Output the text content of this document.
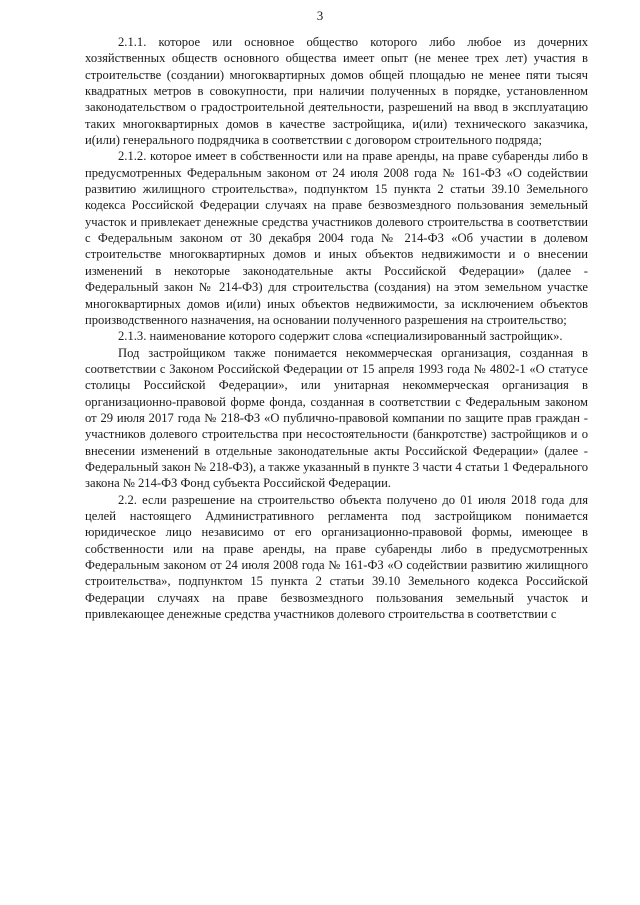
3

2.1.1. которое или основное общество которого либо любое из дочерних хозяйственных обществ основного общества имеет опыт (не менее трех лет) участия в строительстве (создании) многоквартирных домов общей площадью не менее пяти тысяч квадратных метров в совокупности, при наличии полученных в порядке, установленном законодательством о градостроительной деятельности, разрешений на ввод в эксплуатацию таких многоквартирных домов в качестве застройщика, и(или) технического заказчика, и(или) генерального подрядчика в соответствии с договором строительного подряда;

2.1.2. которое имеет в собственности или на праве аренды, на праве субаренды либо в предусмотренных Федеральным законом от 24 июля 2008 года № 161-ФЗ «О содействии развитию жилищного строительства», подпунктом 15 пункта 2 статьи 39.10 Земельного кодекса Российской Федерации случаях на праве безвозмездного пользования земельный участок и привлекает денежные средства участников долевого строительства в соответствии с Федеральным законом от 30 декабря 2004 года № 214-ФЗ «Об участии в долевом строительстве многоквартирных домов и иных объектов недвижимости и о внесении изменений в некоторые законодательные акты Российской Федерации» (далее - Федеральный закон № 214-ФЗ) для строительства (создания) на этом земельном участке многоквартирных домов и(или) иных объектов недвижимости, за исключением объектов производственного назначения, на основании полученного разрешения на строительство;

2.1.3. наименование которого содержит слова «специализированный застройщик».

Под застройщиком также понимается некоммерческая организация, созданная в соответствии с Законом Российской Федерации от 15 апреля 1993 года № 4802-1 «О статусе столицы Российской Федерации», или унитарная некоммерческая организация в организационно-правовой форме фонда, созданная в соответствии с Федеральным законом от 29 июля 2017 года № 218-ФЗ «О публично-правовой компании по защите прав граждан - участников долевого строительства при несостоятельности (банкротстве) застройщиков и о внесении изменений в отдельные законодательные акты Российской Федерации» (далее - Федеральный закон № 218-ФЗ), а также указанный в пункте 3 части 4 статьи 1 Федерального закона № 214-ФЗ Фонд субъекта Российской Федерации.

2.2. если разрешение на строительство объекта получено до 01 июля 2018 года для целей настоящего Административного регламента под застройщиком понимается юридическое лицо независимо от его организационно-правовой формы, имеющее в собственности или на праве аренды, на праве субаренды либо в предусмотренных Федеральным законом от 24 июля 2008 года № 161-ФЗ «О содействии развитию жилищного строительства», подпунктом 15 пункта 2 статьи 39.10 Земельного кодекса Российской Федерации случаях на праве безвозмездного пользования земельный участок и привлекающее денежные средства участников долевого строительства в соответствии с
